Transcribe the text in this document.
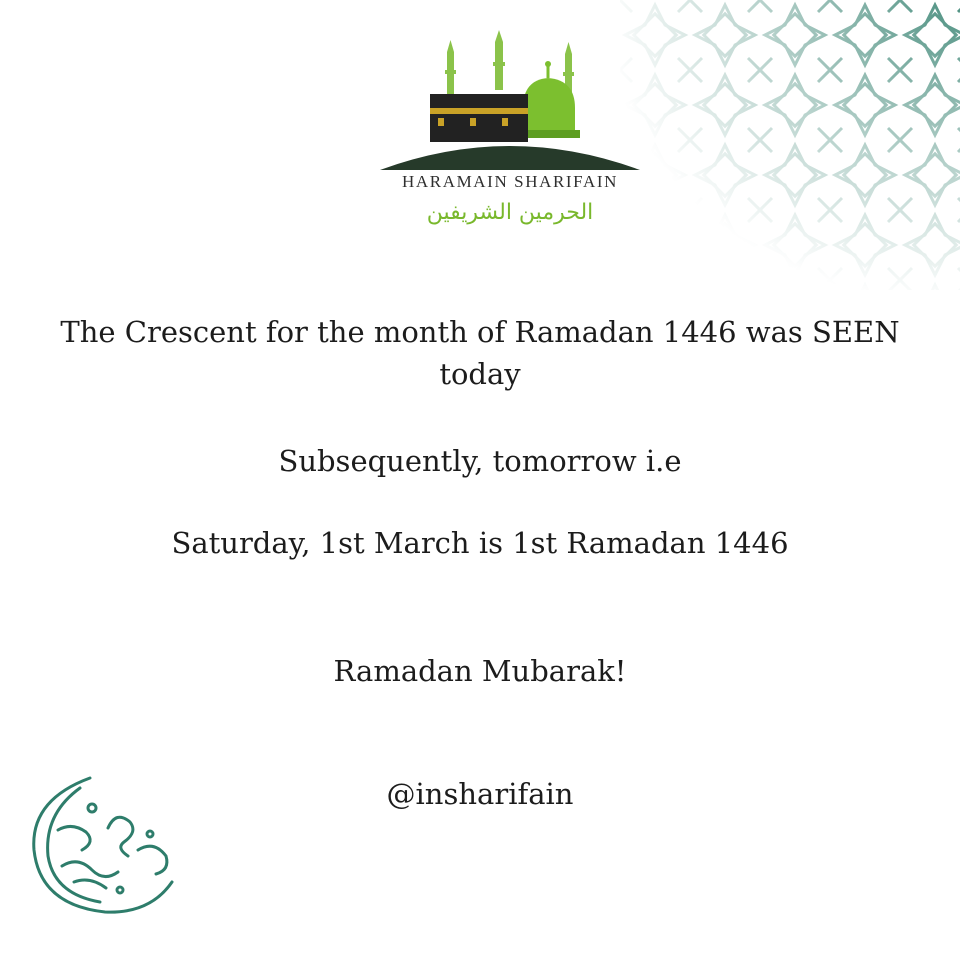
HARAMAIN SHARIFAIN
الحرمين الشريفين
The Crescent for the month of Ramadan 1446 was SEEN today
Subsequently, tomorrow i.e
Saturday, 1st March is 1st Ramadan 1446
Ramadan Mubarak!
@insharifain
